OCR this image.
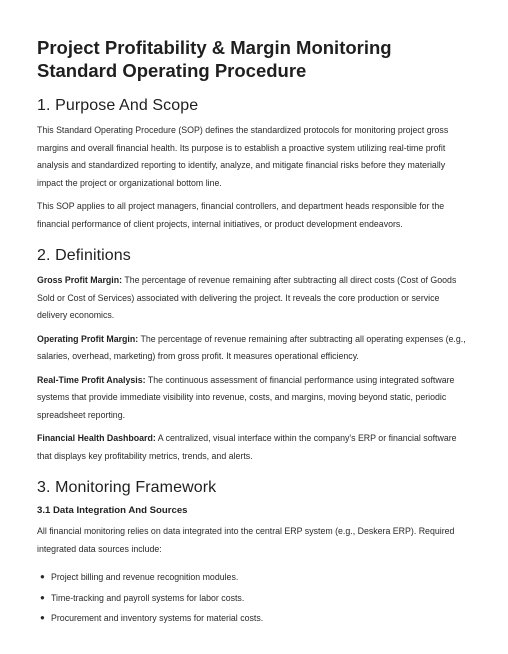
Project Profitability & Margin Monitoring Standard Operating Procedure
1. Purpose And Scope

This Standard Operating Procedure (SOP) defines the standardized protocols for monitoring project gross margins and overall financial health. Its purpose is to establish a proactive system utilizing real-time profit analysis and standardized reporting to identify, analyze, and mitigate financial risks before they materially impact the project or organizational bottom line.

This SOP applies to all project managers, financial controllers, and department heads responsible for the financial performance of client projects, internal initiatives, or product development endeavors.

2. Definitions

Gross Profit Margin: The percentage of revenue remaining after subtracting all direct costs (Cost of Goods Sold or Cost of Services) associated with delivering the project. It reveals the core production or service delivery economics.

Operating Profit Margin: The percentage of revenue remaining after subtracting all operating expenses (e.g., salaries, overhead, marketing) from gross profit. It measures operational efficiency.

Real-Time Profit Analysis: The continuous assessment of financial performance using integrated software systems that provide immediate visibility into revenue, costs, and margins, moving beyond static, periodic spreadsheet reporting.

Financial Health Dashboard: A centralized, visual interface within the company's ERP or financial software that displays key profitability metrics, trends, and alerts.

3. Monitoring Framework
3.1 Data Integration And Sources

All financial monitoring relies on data integrated into the central ERP system (e.g., Deskera ERP). Required integrated data sources include:

● Project billing and revenue recognition modules.
● Time-tracking and payroll systems for labor costs.
● Procurement and inventory systems for material costs.
